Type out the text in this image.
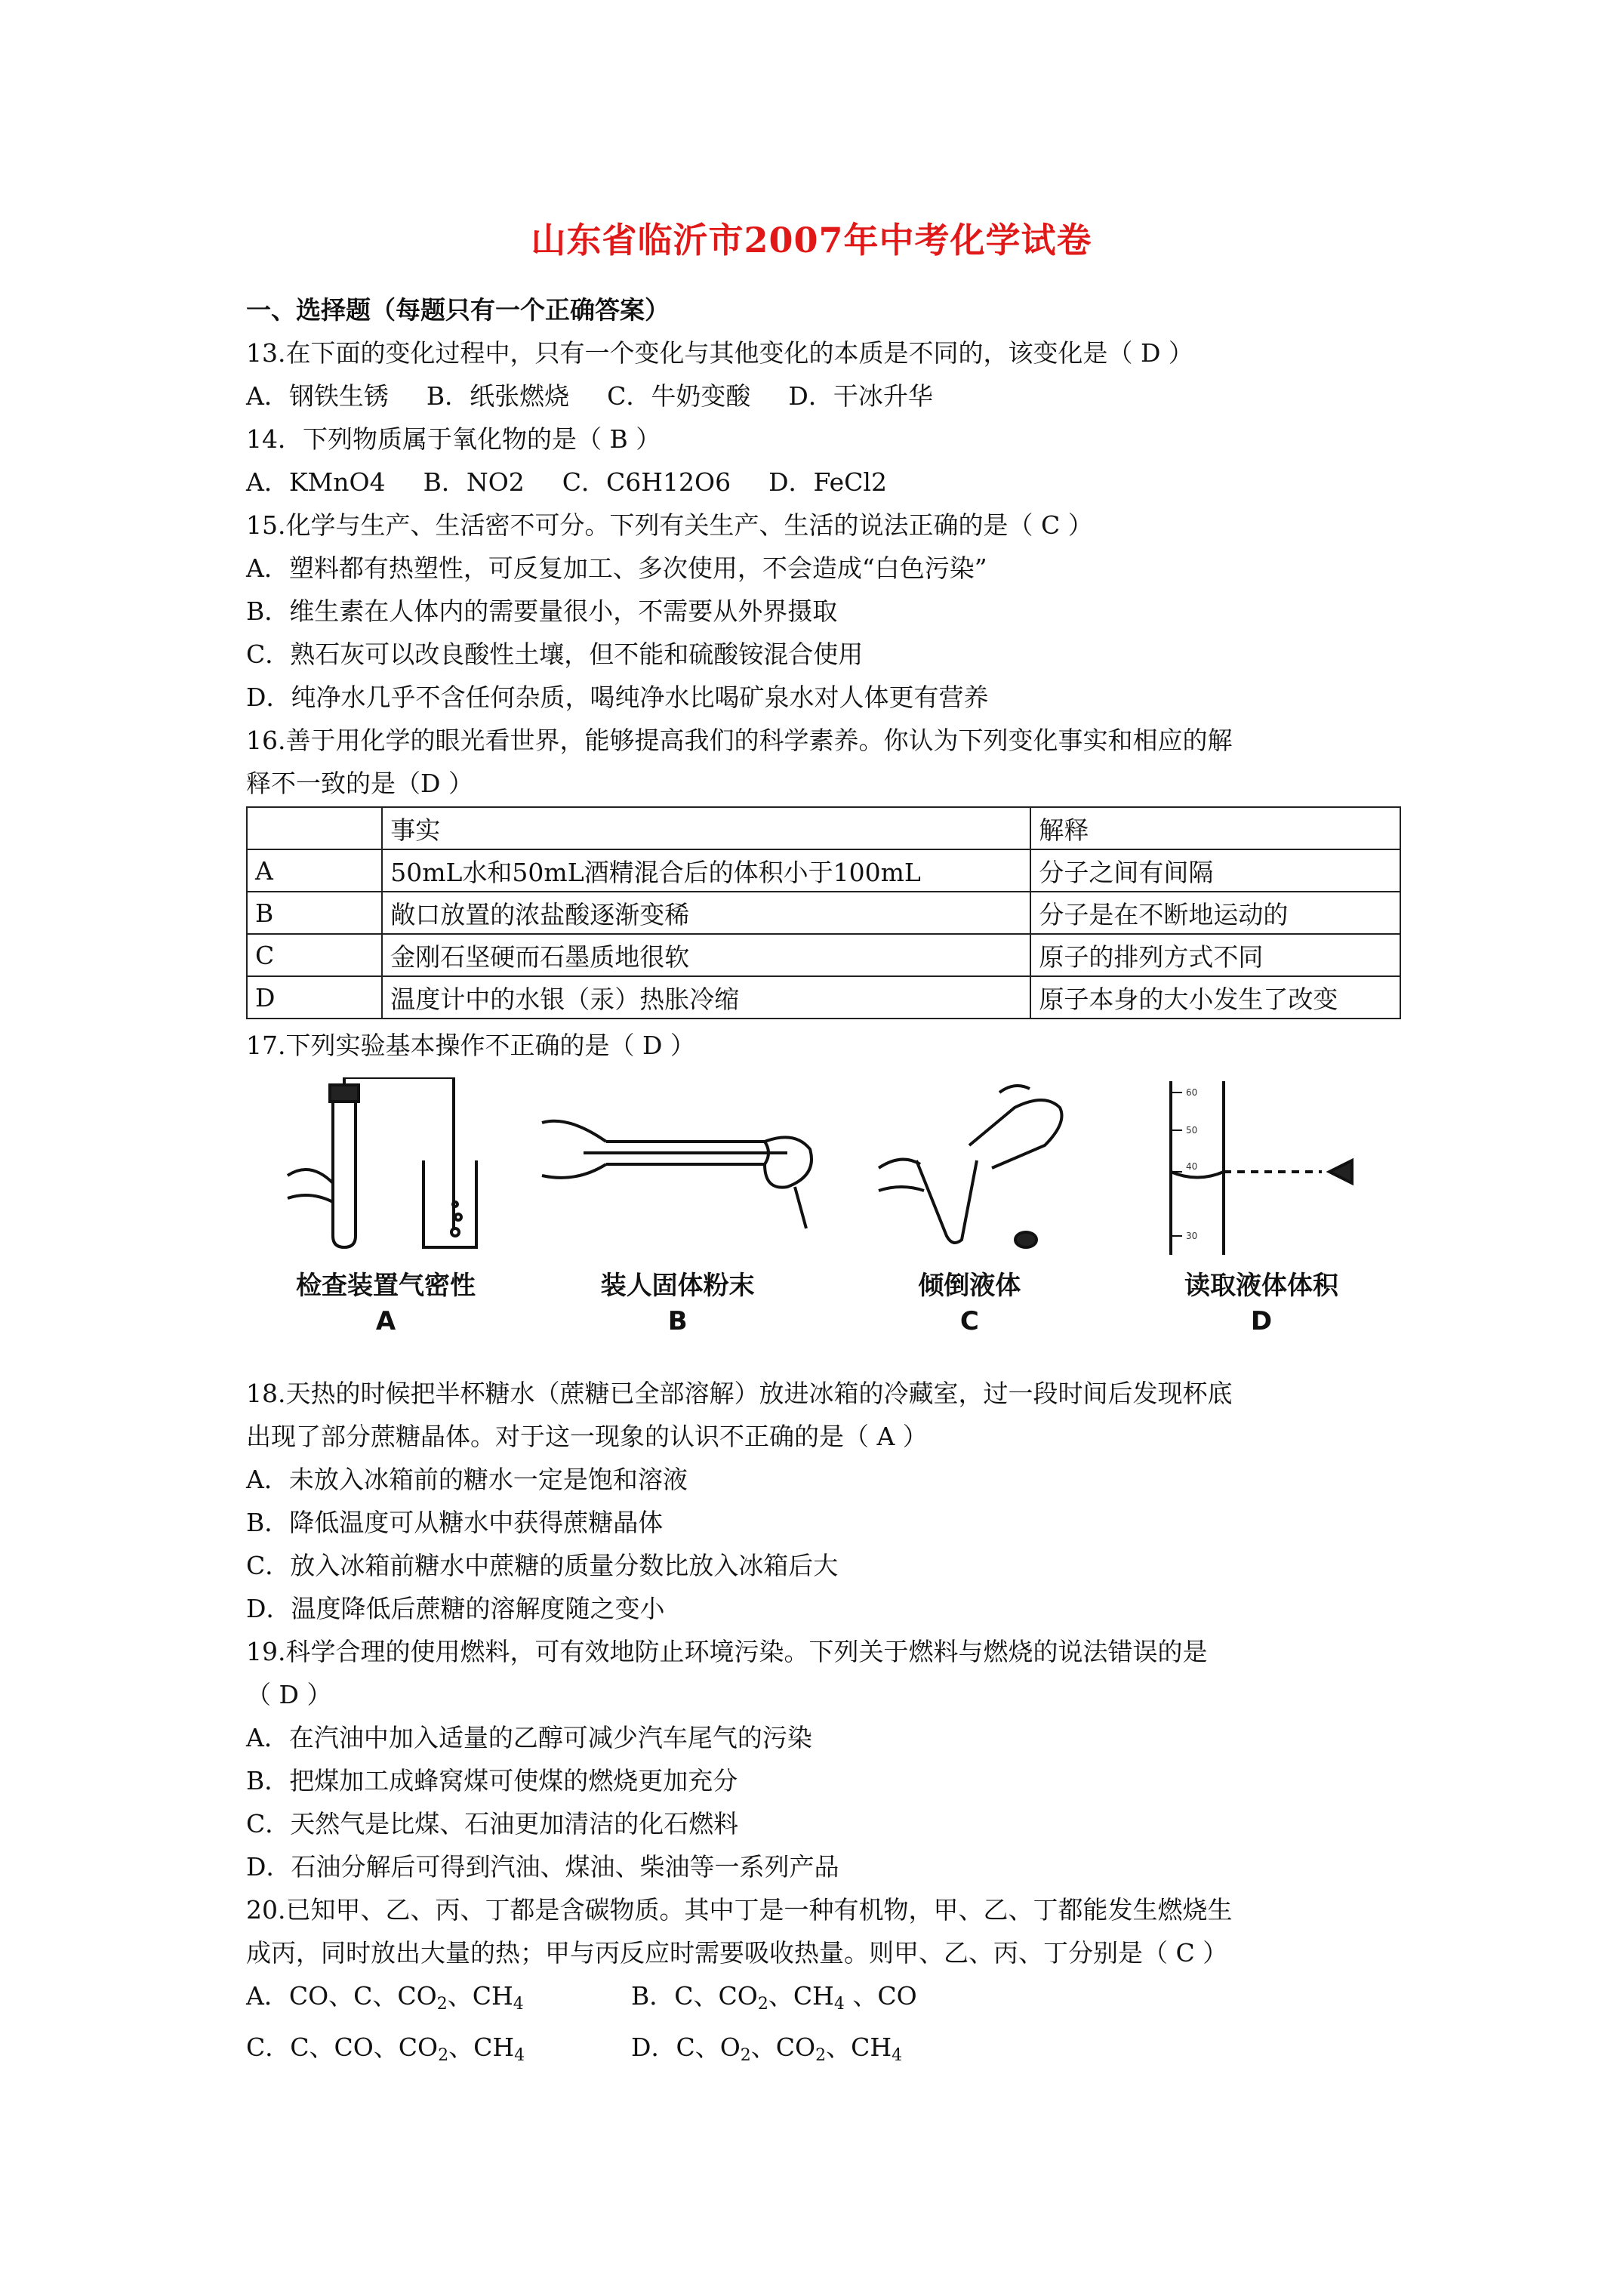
山东省临沂市2007年中考化学试卷
一、选择题（每题只有一个正确答案）
13.在下面的变化过程中，只有一个变化与其他变化的本质是不同的，该变化是（ D ）
A．钢铁生锈 B．纸张燃烧 C．牛奶变酸 D．干冰升华
14．下列物质属于氧化物的是（ B ）
A．KMnO4 B．NO2 C．C6H12O6 D．FeCl2
15.化学与生产、生活密不可分。下列有关生产、生活的说法正确的是（ C ）
A．塑料都有热塑性，可反复加工、多次使用，不会造成“白色污染”
B．维生素在人体内的需要量很小，不需要从外界摄取
C．熟石灰可以改良酸性土壤，但不能和硫酸铵混合使用
D．纯净水几乎不含任何杂质，喝纯净水比喝矿泉水对人体更有营养
16.善于用化学的眼光看世界，能够提高我们的科学素养。你认为下列变化事实和相应的解
释不一致的是（D ）
	事实	解释
A	50mL水和50mL酒精混合后的体积小于100mL	分子之间有间隔
B	敞口放置的浓盐酸逐渐变稀	分子是在不断地运动的
C	金刚石坚硬而石墨质地很软	原子的排列方式不同
D	温度计中的水银（汞）热胀冷缩	原子本身的大小发生了改变
17.下列实验基本操作不正确的是（ D ）
检查装置气密性
A
装人固体粉末
B
倾倒液体
C
60
50
40
30
读取液体体积
D
18.天热的时候把半杯糖水（蔗糖已全部溶解）放进冰箱的冷藏室，过一段时间后发现杯底
出现了部分蔗糖晶体。对于这一现象的认识不正确的是（ A ）
A．未放入冰箱前的糖水一定是饱和溶液
B．降低温度可从糖水中获得蔗糖晶体
C．放入冰箱前糖水中蔗糖的质量分数比放入冰箱后大
D．温度降低后蔗糖的溶解度随之变小
19.科学合理的使用燃料，可有效地防止环境污染。下列关于燃料与燃烧的说法错误的是
（ D ）
A．在汽油中加入适量的乙醇可减少汽车尾气的污染
B．把煤加工成蜂窝煤可使煤的燃烧更加充分
C．天然气是比煤、石油更加清洁的化石燃料
D．石油分解后可得到汽油、煤油、柴油等一系列产品
20.已知甲、乙、丙、丁都是含碳物质。其中丁是一种有机物，甲、乙、丁都能发生燃烧生
成丙，同时放出大量的热；甲与丙反应时需要吸收热量。则甲、乙、丙、丁分别是（ C ）
A．CO、C、$CO_2$、$CH_4$	B．C、$CO_2$、$CH_4$ 、CO
C．C、CO、$CO_2$、$CH_4$	D．C、$O_2$、$CO_2$、$CH_4$
